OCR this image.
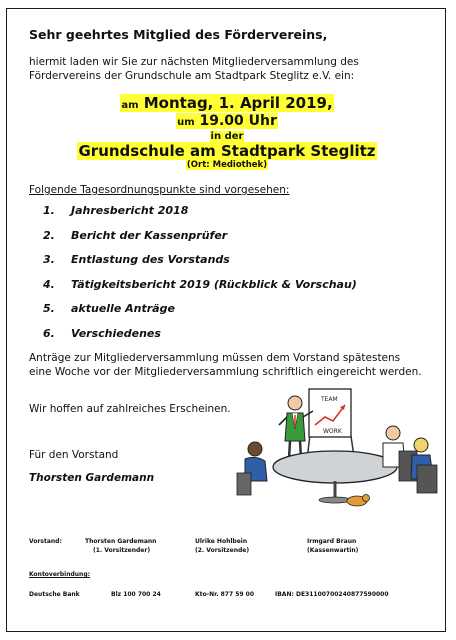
Sehr geehrtes Mitglied des Fördervereins,
hiermit laden wir Sie zur nächsten Mitgliederversammlung des Fördervereins der Grundschule am Stadtpark Steglitz e.V. ein:
am Montag, 1. April 2019,
um 19.00 Uhr
in der
Grundschule am Stadtpark Steglitz
(Ort: Mediothek)
Folgende Tagesordnungspunkte sind vorgesehen:
1. Jahresbericht 2018
2. Bericht der Kassenprüfer
3. Entlastung des Vorstands
4. Tätigkeitsbericht 2019 (Rückblick & Vorschau)
5. aktuelle Anträge
6. Verschiedenes
Anträge zur Mitgliederversammlung müssen dem Vorstand spätestens eine Woche vor der Mitgliederversammlung schriftlich eingereicht werden.
Wir hoffen auf zahlreiches Erscheinen.
Für den Vorstand
Thorsten Gardemann
TEAM
WORK
Vorstand:	Thorsten Gardemann
(1. Vorsitzender)
Ulrike Hohlbein
(2. Vorsitzende)
Irmgard Braun
(Kassenwartin)
Kontoverbindung:
Deutsche Bank	Blz 100 700 24	Kto-Nr. 877 59 00	IBAN: DE31100700240877590000
